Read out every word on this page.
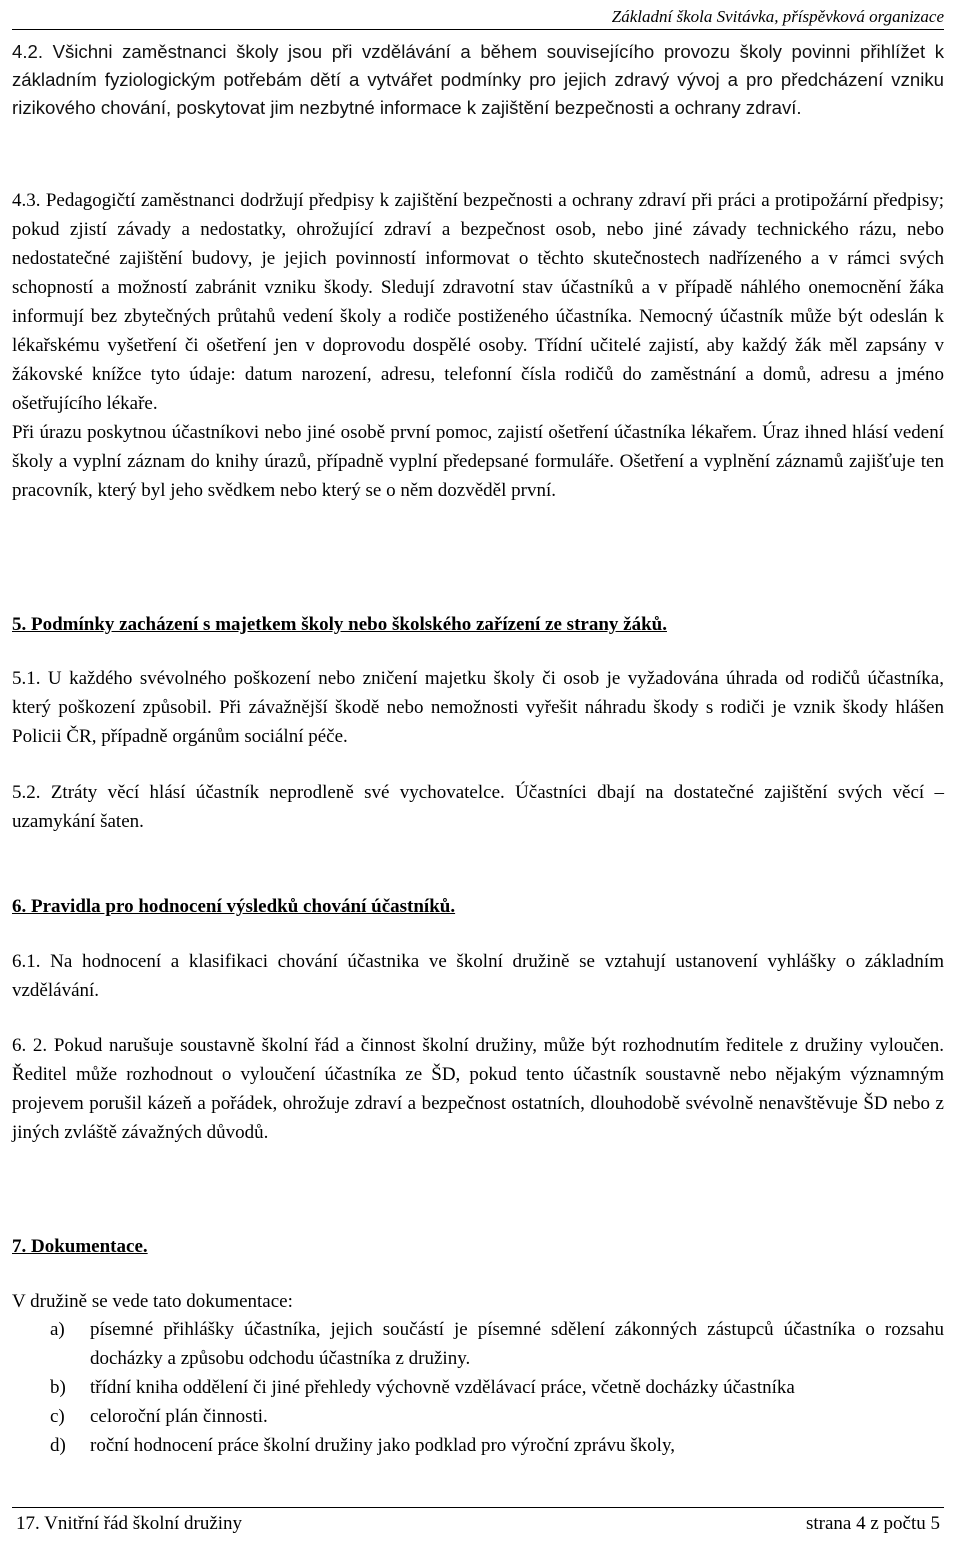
Základní škola Svitávka, příspěvková organizace

4.2. Všichni zaměstnanci školy jsou při vzdělávání a během souvisejícího provozu školy povinni přihlížet k základním fyziologickým potřebám dětí a vytvářet podmínky pro jejich zdravý vývoj a pro předcházení vzniku rizikového chování, poskytovat jim nezbytné informace k zajištění bezpečnosti a ochrany zdraví.

4.3. Pedagogičtí zaměstnanci dodržují předpisy k zajištění bezpečnosti a ochrany zdraví při práci a protipožární předpisy; pokud zjistí závady a nedostatky, ohrožující zdraví a bezpečnost osob, nebo jiné závady technického rázu, nebo nedostatečné zajištění budovy, je jejich povinností informovat o těchto skutečnostech nadřízeného a v rámci svých schopností a možností zabránit vzniku škody. Sledují zdravotní stav účastníků a v případě náhlého onemocnění žáka informují bez zbytečných průtahů vedení školy a rodiče postiženého účastníka. Nemocný účastník může být odeslán k lékařskému vyšetření či ošetření jen v doprovodu dospělé osoby. Třídní učitelé zajistí, aby každý žák měl zapsány v žákovské knížce tyto údaje: datum narození, adresu, telefonní čísla rodičů do zaměstnání a domů, adresu a jméno ošetřujícího lékaře.

Při úrazu poskytnou účastníkovi nebo jiné osobě první pomoc, zajistí ošetření účastníka lékařem. Úraz ihned hlásí vedení školy a vyplní záznam do knihy úrazů, případně vyplní předepsané formuláře. Ošetření a vyplnění záznamů zajišťuje ten pracovník, který byl jeho svědkem nebo který se o něm dozvěděl první.

5. Podmínky zacházení s majetkem školy nebo školského zařízení ze strany žáků.

5.1. U každého svévolného poškození nebo zničení majetku školy či osob je vyžadována úhrada od rodičů účastníka, který poškození způsobil. Při závažnější škodě nebo nemožnosti vyřešit náhradu škody s rodiči je vznik škody hlášen Policii ČR, případně orgánům sociální péče.

5.2. Ztráty věcí hlásí účastník neprodleně své vychovatelce. Účastníci dbají na dostatečné zajištění svých věcí – uzamykání šaten.

6. Pravidla pro hodnocení výsledků chování účastníků.

6.1. Na hodnocení a klasifikaci chování účastnika ve školní družině se vztahují ustanovení vyhlášky o základním vzdělávání.

6. 2. Pokud narušuje soustavně školní řád a činnost školní družiny, může být rozhodnutím ředitele z družiny vyloučen. Ředitel může rozhodnout o vyloučení účastníka ze ŠD, pokud tento účastník soustavně nebo nějakým významným projevem porušil kázeň a pořádek, ohrožuje zdraví a bezpečnost ostatních, dlouhodobě svévolně nenavštěvuje ŠD nebo z jiných zvláště závažných důvodů.

7. Dokumentace.

V družině se vede tato dokumentace:

a)	písemné přihlášky účastníka, jejich součástí je písemné sdělení zákonných zástupců účastníka o rozsahu docházky a způsobu odchodu účastníka z družiny.
b)	třídní kniha oddělení či jiné přehledy výchovně vzdělávací práce, včetně docházky účastníka
c)	celoroční plán činnosti.
d)	roční hodnocení práce školní družiny jako podklad pro výroční zprávu školy,
17. Vnitřní řád školní družiny	strana 4 z počtu 5
